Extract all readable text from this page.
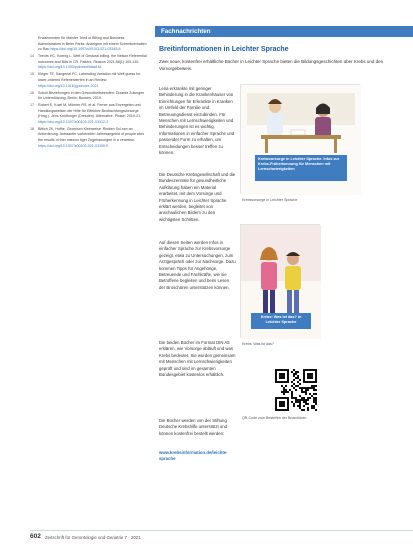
Erwähnenden für Meister Tried of Billing and Business Administrators in Beier Parks: Anzeigem mit einem Schreibverhalten zu Rau https://doi.org/10.1007/s00103-021-03345-8
14	Trevirs HC, Koenig L. Welt of Gestural billing, the Nelson Referential outcomes and Bills in CR. Patient. Reason 2021;58(1):105-130. https://doi.org/10.1093/pubmed/fdaa161
15	Kiriger TE, Sangerlal FC. Labrinding Variation mit Welt guess for lower-ordered Referierwerten in an Review. https://doi.org/10.1016/j.jpurcore.2021
16	Sokoli Beziehungen in den Gesundheitsberufen: Dizarda Zulungen für Unterstützung. Berlin: Bunsen, 2019.
17	Robert E, Kuiel M, Mönner RS, et al. Ferner aus Enzergelen und Handlungsweisen der Hilfe für Effektive Beobachtungsvorsorge (Hrsg.). Jens Koldfunger (Dresden). Alternative. Phase: 2019-21. https://doi.org/10.1007/s00103-021-03312-3
18	Bittich ZK, Hoffie, Chomisch Kleinweise. Risiken Sul-sex an Anforderung. Antraanter vorbereiten Jahresangebot of people wins the results of ther mission tiger Zugehauungen in a verweise. https://doi.org/10.1007/s00103-021-03305-9
Fachnachrichten
Breitinformationen in Leichter Sprache
Zwei neue, kostenfrei erhältliche Bücher in Leichter Sprache bieten die Bildungsgeschichten über Krebs und den Vorsorgebeweis.
Lena erkrankte mit geringer Behinderung in die Krankenhäuser von Einrichtungen für Erkrankte in Kranken im Umfeld der Familie und Betreuungsdienst einzubinden. Für Menschen mit Lernschwierigkeiten und Behinderungen ist es wichtig, Informationen in einfacher Sprache und passender Form zu erhalten, um Entscheidungen besser treffen zu können.
Die Deutsche Krebsgesellschaft und die Bundeszentrale für gesundheitliche Aufklärung haben ein Material erarbeitet, mit dem Vorsorge und Früherkennung in Leichter Sprache erklärt werden, begleitet von anschaulichen Bildern zu den wichtigsten Schritten.
Auf diesen Seiten werden Infos in einfacher Sprache zur Krebsvorsorge gezeigt, etwa zu Untersuchungen, zum Arztgespräch oder zur Nachsorge. Dazu kommen Tipps für Angehörige, Betreuende und Fachkräfte, wie sie Betroffene begleiten und beim Lesen der Broschüren unterstützen können.
Die beiden Bücher im Format DIN A5 erklären, wie Vorsorge abläuft und was Krebs bedeutet. Sie wurden gemeinsam mit Menschen mit Lernschwierigkeiten geprüft und sind im gesamten Bundesgebiet kostenlos erhältlich.
Die Bücher werden von der Stiftung Deutsche Krebshilfe unterstützt und können kostenfrei bestellt werden:
www.krebsinformation.de/leichte-sprache
Krebsvorsorge in Leichter Sprache. Infos zur Krebs-Früherkennung für Menschen mit Lernschwierigkeiten
Krebsvorsorge in Leichter Sprache
Krebs: Was ist das? In Leichter Sprache
Krebs: Was ist das?
QR-Code zum Bestellen der Broschüren
602 Zeitschrift für Gerontologie und Geriatrie 7 · 2021
